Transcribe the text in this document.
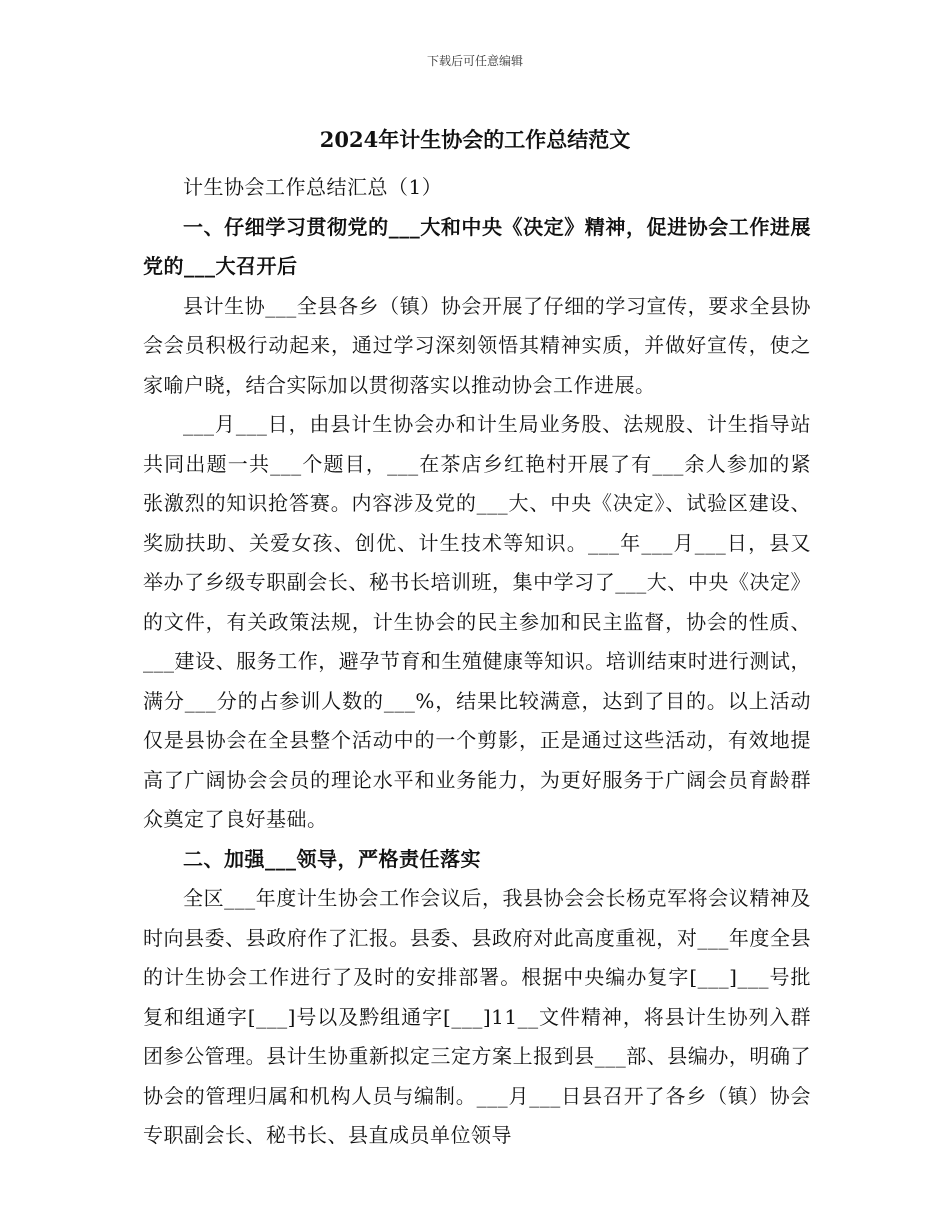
下载后可任意编辑
2024年计生协会的工作总结范文

计生协会工作总结汇总（1）

一、仔细学习贯彻党的___大和中央《决定》精神，促进协会工作进展党的___大召开后

县计生协___全县各乡（镇）协会开展了仔细的学习宣传，要求全县协会会员积极行动起来，通过学习深刻领悟其精神实质，并做好宣传，使之家喻户晓，结合实际加以贯彻落实以推动协会工作进展。

___月___日，由县计生协会办和计生局业务股、法规股、计生指导站共同出题一共___个题目，___在茶店乡红艳村开展了有___余人参加的紧张激烈的知识抢答赛。内容涉及党的___大、中央《决定》、试验区建设、奖励扶助、关爱女孩、创优、计生技术等知识。___年___月___日，县又举办了乡级专职副会长、秘书长培训班，集中学习了___大、中央《决定》的文件，有关政策法规，计生协会的民主参加和民主监督，协会的性质、___建设、服务工作，避孕节育和生殖健康等知识。培训结束时进行测试，满分___分的占参训人数的___%，结果比较满意，达到了目的。以上活动仅是县协会在全县整个活动中的一个剪影，正是通过这些活动，有效地提高了广阔协会会员的理论水平和业务能力，为更好服务于广阔会员育龄群众奠定了良好基础。

二、加强___领导，严格责任落实

全区___年度计生协会工作会议后，我县协会会长杨克军将会议精神及时向县委、县政府作了汇报。县委、县政府对此高度重视，对___年度全县的计生协会工作进行了及时的安排部署。根据中央编办复字[___]___号批复和组通字[___]号以及黔组通字[___]11__文件精神，将县计生协列入群团参公管理。县计生协重新拟定三定方案上报到县___部、县编办，明确了协会的管理归属和机构人员与编制。___月___日县召开了各乡（镇）协会专职副会长、秘书长、县直成员单位领导
